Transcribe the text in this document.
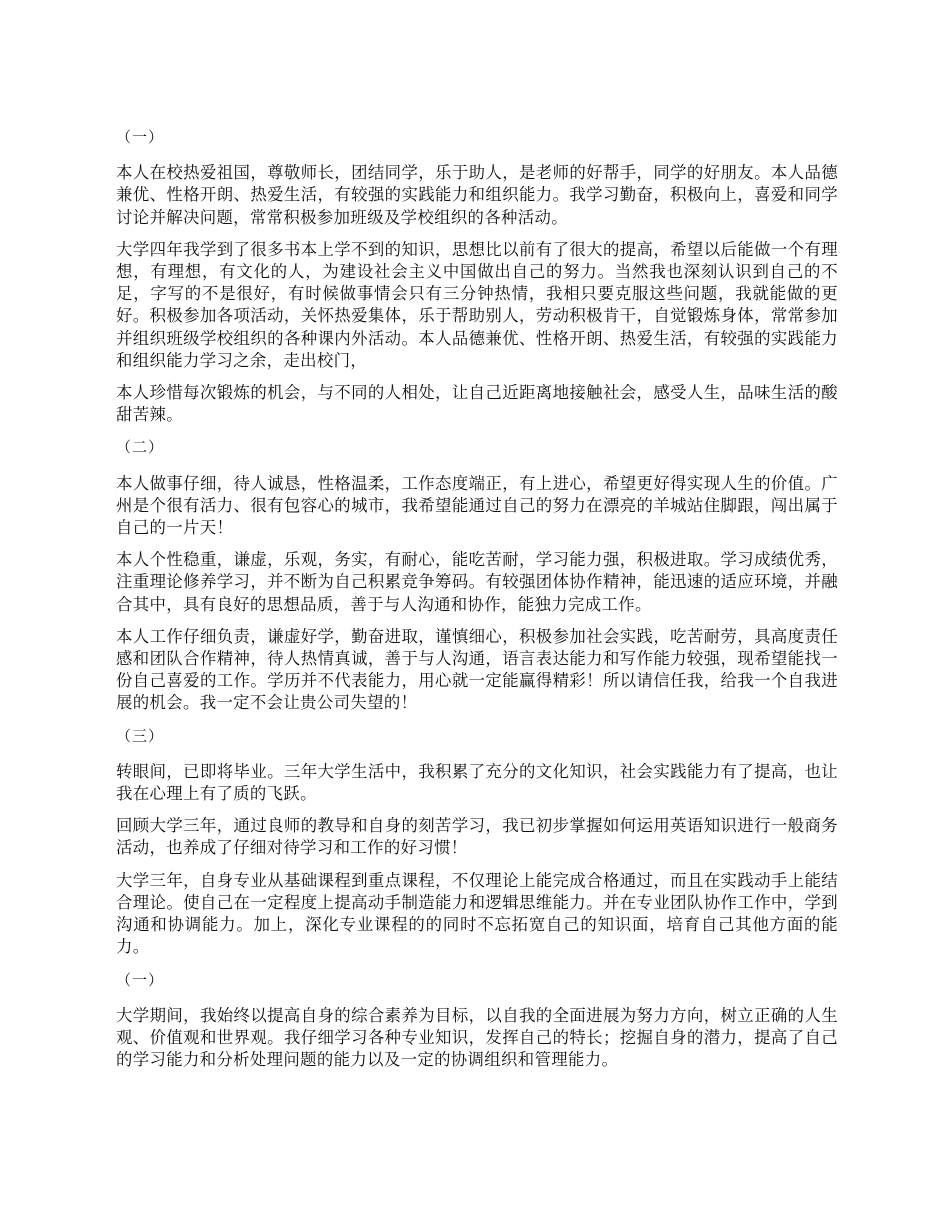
（一）

本人在校热爱祖国，尊敬师长，团结同学，乐于助人，是老师的好帮手，同学的好朋友。本人品德兼优、性格开朗、热爱生活，有较强的实践能力和组织能力。我学习勤奋，积极向上，喜爱和同学讨论并解决问题，常常积极参加班级及学校组织的各种活动。

大学四年我学到了很多书本上学不到的知识，思想比以前有了很大的提高，希望以后能做一个有理想，有理想，有文化的人，为建设社会主义中国做出自己的努力。当然我也深刻认识到自己的不足，字写的不是很好，有时候做事情会只有三分钟热情，我相只要克服这些问题，我就能做的更好。积极参加各项活动，关怀热爱集体，乐于帮助别人，劳动积极肯干，自觉锻炼身体，常常参加并组织班级学校组织的各种课内外活动。本人品德兼优、性格开朗、热爱生活，有较强的实践能力和组织能力学习之余，走出校门，

本人珍惜每次锻炼的机会，与不同的人相处，让自己近距离地接触社会，感受人生，品味生活的酸甜苦辣。

（二）

本人做事仔细，待人诚恳，性格温柔，工作态度端正，有上进心，希望更好得实现人生的价值。广州是个很有活力、很有包容心的城市，我希望能通过自己的努力在漂亮的羊城站住脚跟，闯出属于自己的一片天！

本人个性稳重，谦虚，乐观，务实，有耐心，能吃苦耐，学习能力强，积极进取。学习成绩优秀，注重理论修养学习，并不断为自己积累竞争筹码。有较强团体协作精神，能迅速的适应环境，并融合其中，具有良好的思想品质，善于与人沟通和协作，能独力完成工作。

本人工作仔细负责，谦虚好学，勤奋进取，谨慎细心，积极参加社会实践，吃苦耐劳，具高度责任感和团队合作精神，待人热情真诚，善于与人沟通，语言表达能力和写作能力较强，现希望能找一份自己喜爱的工作。学历并不代表能力，用心就一定能赢得精彩！所以请信任我，给我一个自我进展的机会。我一定不会让贵公司失望的！

（三）

转眼间，已即将毕业。三年大学生活中，我积累了充分的文化知识，社会实践能力有了提高，也让我在心理上有了质的飞跃。

回顾大学三年，通过良师的教导和自身的刻苦学习，我已初步掌握如何运用英语知识进行一般商务活动，也养成了仔细对待学习和工作的好习惯！

大学三年，自身专业从基础课程到重点课程，不仅理论上能完成合格通过，而且在实践动手上能结合理论。使自己在一定程度上提高动手制造能力和逻辑思维能力。并在专业团队协作工作中，学到沟通和协调能力。加上，深化专业课程的的同时不忘拓宽自己的知识面，培育自己其他方面的能力。

（一）

大学期间，我始终以提高自身的综合素养为目标，以自我的全面进展为努力方向，树立正确的人生观、价值观和世界观。我仔细学习各种专业知识，发挥自己的特长；挖掘自身的潜力，提高了自己的学习能力和分析处理问题的能力以及一定的协调组织和管理能力。
